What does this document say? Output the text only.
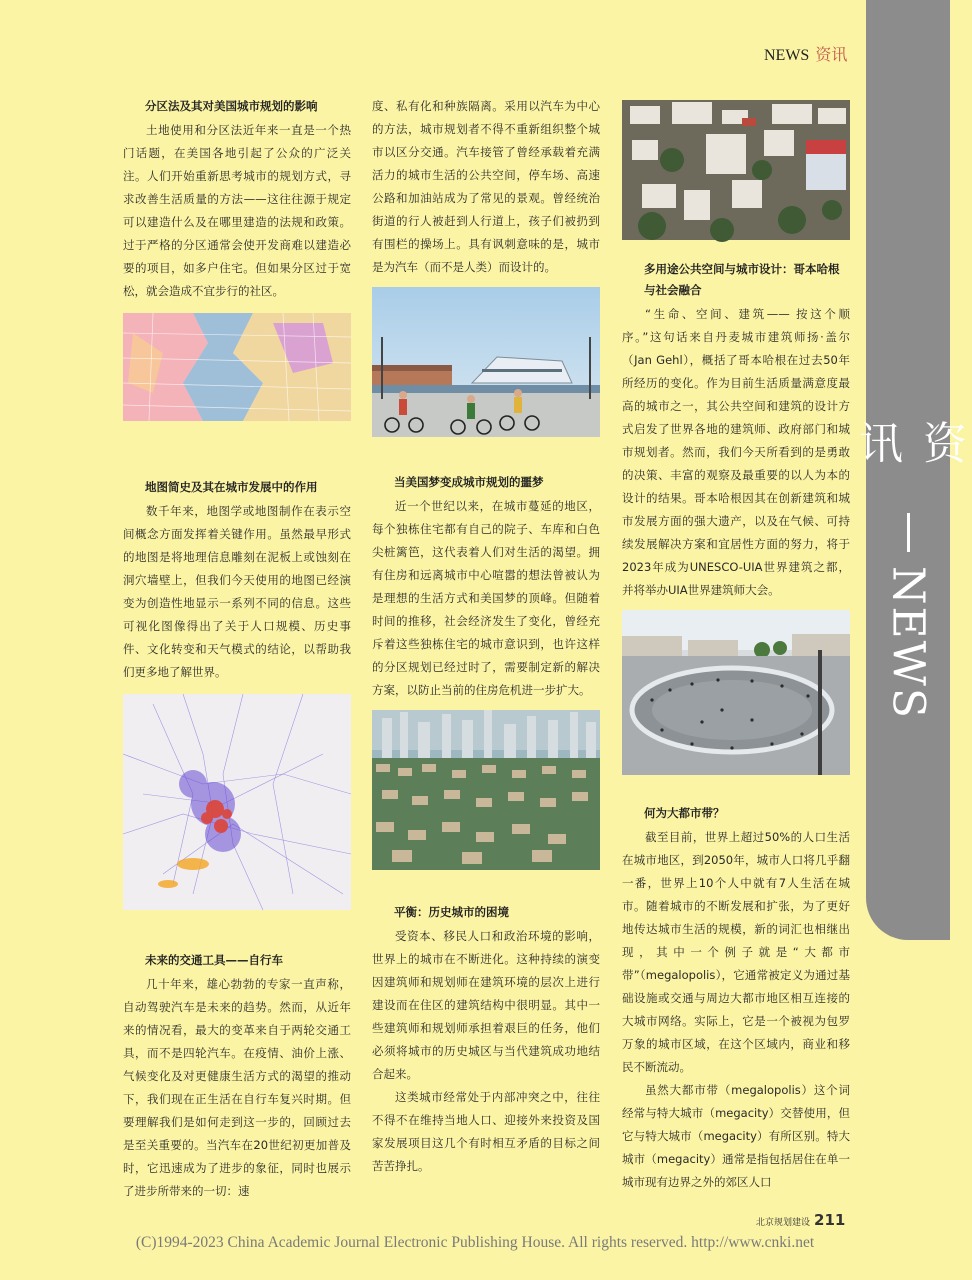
资讯
NEWS
NEWS 资讯
分区法及其对美国城市规划的影响

土地使用和分区法近年来一直是一个热门话题，在美国各地引起了公众的广泛关注。人们开始重新思考城市的规划方式，寻求改善生活质量的方法——这往往源于规定可以建造什么及在哪里建造的法规和政策。过于严格的分区通常会使开发商难以建造必要的项目，如多户住宅。但如果分区过于宽松，就会造成不宜步行的社区。

地图简史及其在城市发展中的作用

数千年来，地图学或地图制作在表示空间概念方面发挥着关键作用。虽然最早形式的地图是将地理信息雕刻在泥板上或蚀刻在洞穴墙壁上，但我们今天使用的地图已经演变为创造性地显示一系列不同的信息。这些可视化图像得出了关于人口规模、历史事件、文化转变和天气模式的结论，以帮助我们更多地了解世界。

未来的交通工具——自行车

几十年来，雄心勃勃的专家一直声称，自动驾驶汽车是未来的趋势。然而，从近年来的情况看，最大的变革来自于两轮交通工具，而不是四轮汽车。在疫情、油价上涨、气候变化及对更健康生活方式的渴望的推动下，我们现在正生活在自行车复兴时期。但要理解我们是如何走到这一步的，回顾过去是至关重要的。当汽车在20世纪初更加普及时，它迅速成为了进步的象征，同时也展示了进步所带来的一切：速

度、私有化和种族隔离。采用以汽车为中心的方法，城市规划者不得不重新组织整个城市以区分交通。汽车接管了曾经承载着充满活力的城市生活的公共空间，停车场、高速公路和加油站成为了常见的景观。曾经统治街道的行人被赶到人行道上，孩子们被扔到有围栏的操场上。具有讽刺意味的是，城市是为汽车（而不是人类）而设计的。

当美国梦变成城市规划的噩梦

近一个世纪以来，在城市蔓延的地区，每个独栋住宅都有自己的院子、车库和白色尖桩篱笆，这代表着人们对生活的渴望。拥有住房和远离城市中心喧嚣的想法曾被认为是理想的生活方式和美国梦的顶峰。但随着时间的推移，社会经济发生了变化，曾经充斥着这些独栋住宅的城市意识到，也许这样的分区规划已经过时了，需要制定新的解决方案，以防止当前的住房危机进一步扩大。

平衡：历史城市的困境

受资本、移民人口和政治环境的影响，世界上的城市在不断进化。这种持续的演变因建筑师和规划师在建筑环境的层次上进行建设而在住区的建筑结构中很明显。其中一些建筑师和规划师承担着艰巨的任务，他们必须将城市的历史城区与当代建筑成功地结合起来。

这类城市经常处于内部冲突之中，往往不得不在维持当地人口、迎接外来投资及国家发展项目这几个有时相互矛盾的目标之间苦苦挣扎。

多用途公共空间与城市设计：哥本哈根与社会融合

“生命、空间、建筑—— 按这个顺序。”这句话来自丹麦城市建筑师扬·盖尔（Jan Gehl），概括了哥本哈根在过去50年所经历的变化。作为目前生活质量满意度最高的城市之一，其公共空间和建筑的设计方式启发了世界各地的建筑师、政府部门和城市规划者。然而，我们今天所看到的是勇敢的决策、丰富的观察及最重要的以人为本的设计的结果。哥本哈根因其在创新建筑和城市发展方面的强大遗产，以及在气候、可持续发展解决方案和宜居性方面的努力，将于2023年成为UNESCO-UIA世界建筑之都，并将举办UIA世界建筑师大会。

何为大都市带？

截至目前，世界上超过50%的人口生活在城市地区，到2050年，城市人口将几乎翻一番，世界上10个人中就有7人生活在城市。随着城市的不断发展和扩张，为了更好地传达城市生活的规模，新的词汇也相继出现，其中一个例子就是“大都市带”（megalopolis），它通常被定义为通过基础设施或交通与周边大都市地区相互连接的大城市网络。实际上，它是一个被视为包罗万象的城市区域，在这个区域内，商业和移民不断流动。

虽然大都市带（megalopolis）这个词经常与特大城市（megacity）交替使用，但它与特大城市（megacity）有所区别。特大城市（megacity）通常是指包括居住在单一城市现有边界之外的郊区人口

北京规划建设 211
(C)1994-2023 China Academic Journal Electronic Publishing House. All rights reserved. http://www.cnki.net
